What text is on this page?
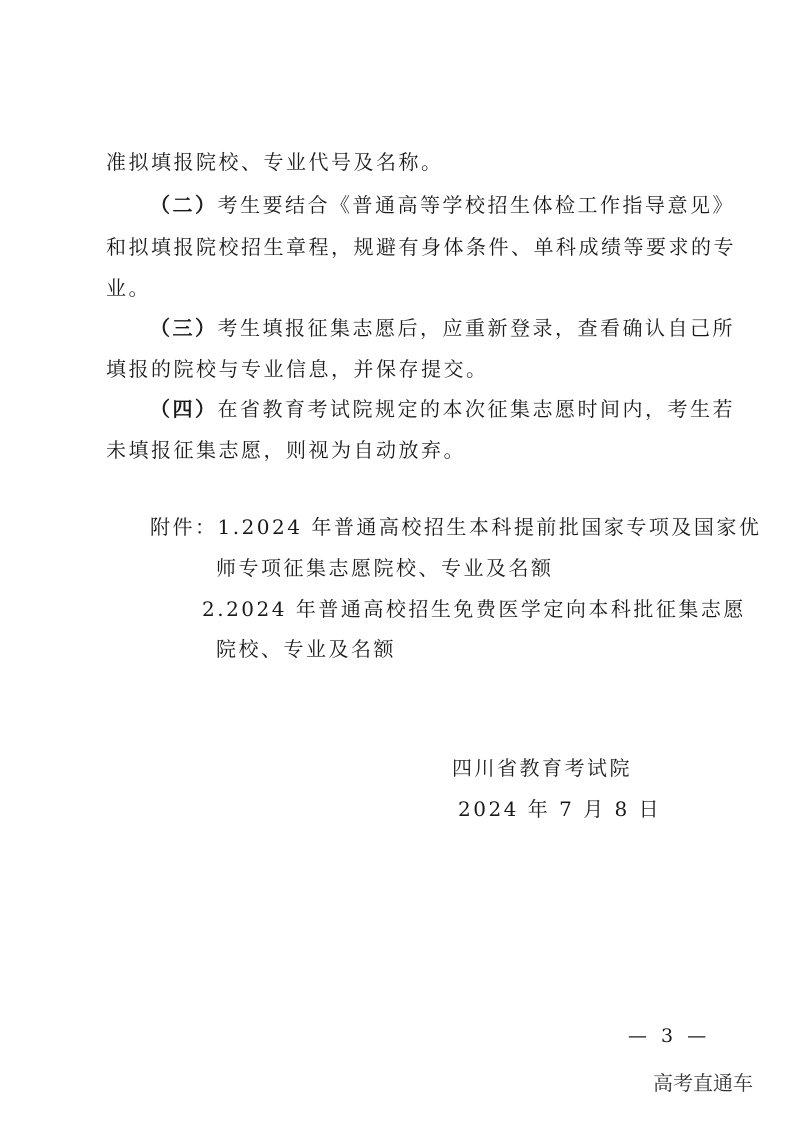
准拟填报院校、专业代号及名称。
（二）考生要结合《普通高等学校招生体检工作指导意见》
和拟填报院校招生章程，规避有身体条件、单科成绩等要求的专
业。
（三）考生填报征集志愿后，应重新登录，查看确认自己所
填报的院校与专业信息，并保存提交。
（四）在省教育考试院规定的本次征集志愿时间内，考生若
未填报征集志愿，则视为自动放弃。
附件：1.2024 年普通高校招生本科提前批国家专项及国家优
师专项征集志愿院校、专业及名额
2.2024 年普通高校招生免费医学定向本科批征集志愿
院校、专业及名额
四川省教育考试院
2024 年 7 月 8 日
— 3 —
高考直通车
